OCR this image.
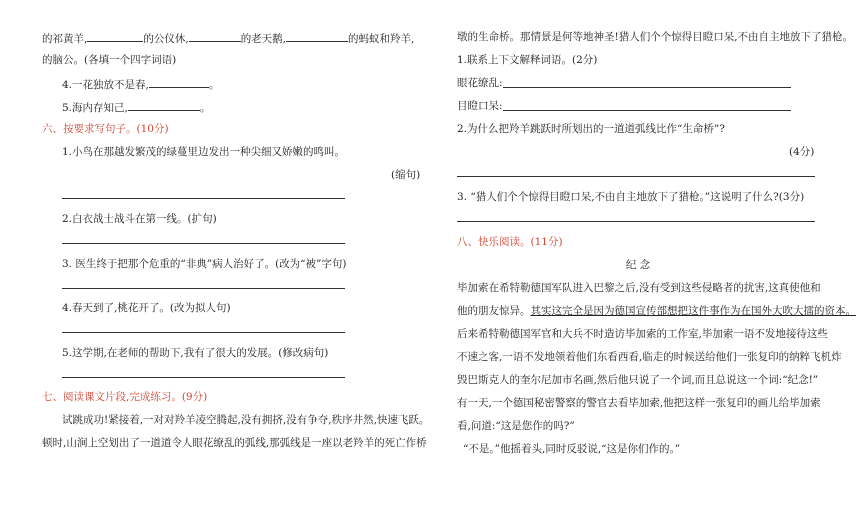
的祁黄羊,	的公仪休,	的老天鹅,	的蚂蚁和羚羊,
的脑公。(各填一个四字词语)
4.一花独放不是春,	。
5.海内存知己,	。
六、按要求写句子。(10分)
1.小鸟在那越发繁茂的绿蔓里边发出一种尖细又娇嫩的鸣叫。
(缩句)
2.白衣战士战斗在第一线。(扩句)
3. 医生终于把那个危重的“非典”病人治好了。(改为“被”字句)
4.春天到了,桃花开了。(改为拟人句)
5.这学期,在老师的帮助下,我有了很大的发展。(修改病句)
七、阅读课文片段,完成练习。(9分)
试跳成功!紧接着,一对对羚羊凌空腾起,没有拥挤,没有争夺,秩序井然,快速飞跃。
顿时,山涧上空划出了一道道令人眼花缭乱的弧线,那弧线是一座以老羚羊的死亡作桥
墩的生命桥。那情景是何等地神圣!猎人们个个惊得目瞪口呆,不由自主地放下了猎枪。
1.联系上下文解释词语。(2分)
眼花缭乱:
目瞪口呆:
2.为什么把羚羊跳跃时所划出的一道道弧线比作“生命桥”?
(4分)
3. “猎人们个个惊得目瞪口呆,不由自主地放下了猎枪。”这说明了什么?(3分)
八、快乐阅读。(11分)
纪 念
毕加索在希特勒德国军队进入巴黎之后,没有受到这些侵略者的扰害,这真使他和
他的朋友惊异。其实这完全是因为德国宣传部想把这件事作为在国外大吹大擂的资本。
后来希特勒德国军官和大兵不时造访毕加索的工作室,毕加索一语不发地接待这些
不速之客,一语不发地领着他们东看西看,临走的时候送给他们一张复印的纳粹飞机炸
毁巴斯克人的奎尔尼加市名画,然后他只说了一个词,而且总说这一个词:“纪念!”
有一天,一个德国秘密警察的警官去看毕加索,他把这样一张复印的画儿给毕加索
看,问道:“这是您作的吗?”
“不是。”他摇着头,同时反驳说,“这是你们作的。”
